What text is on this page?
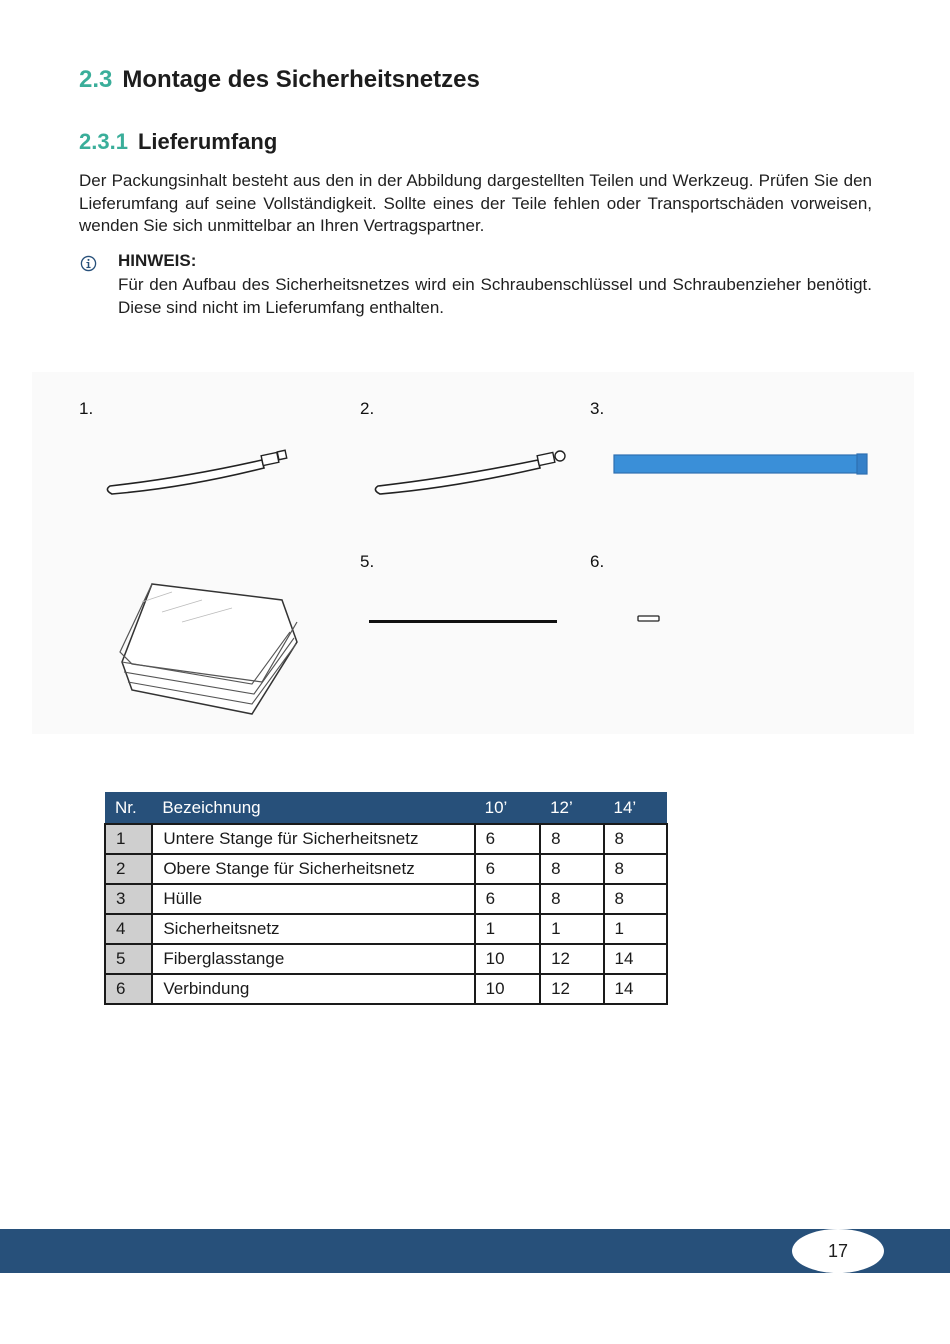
2.3 Montage des Sicherheitsnetzes
2.3.1 Lieferumfang
Der Packungsinhalt besteht aus den in der Abbildung dargestellten Teilen und Werkzeug. Prüfen Sie den Lieferumfang auf seine Vollständigkeit. Sollte eines der Teile fehlen oder Transportschäden vorweisen, wenden Sie sich unmittelbar an Ihren Vertragspartner.
HINWEIS:
Für den Aufbau des Sicherheitsnetzes wird ein Schraubenschlüssel und Schraubenzieher benötigt. Diese sind nicht im Lieferumfang enthalten.
1.	2.	3.
5.	6.
Nr.	Bezeichnung	10’	12’	14’
1	Untere Stange für Sicherheitsnetz	6	8	8
2	Obere Stange für Sicherheitsnetz	6	8	8
3	Hülle	6	8	8
4	Sicherheitsnetz	1	1	1
5	Fiberglasstange	10	12	14
6	Verbindung	10	12	14
17
